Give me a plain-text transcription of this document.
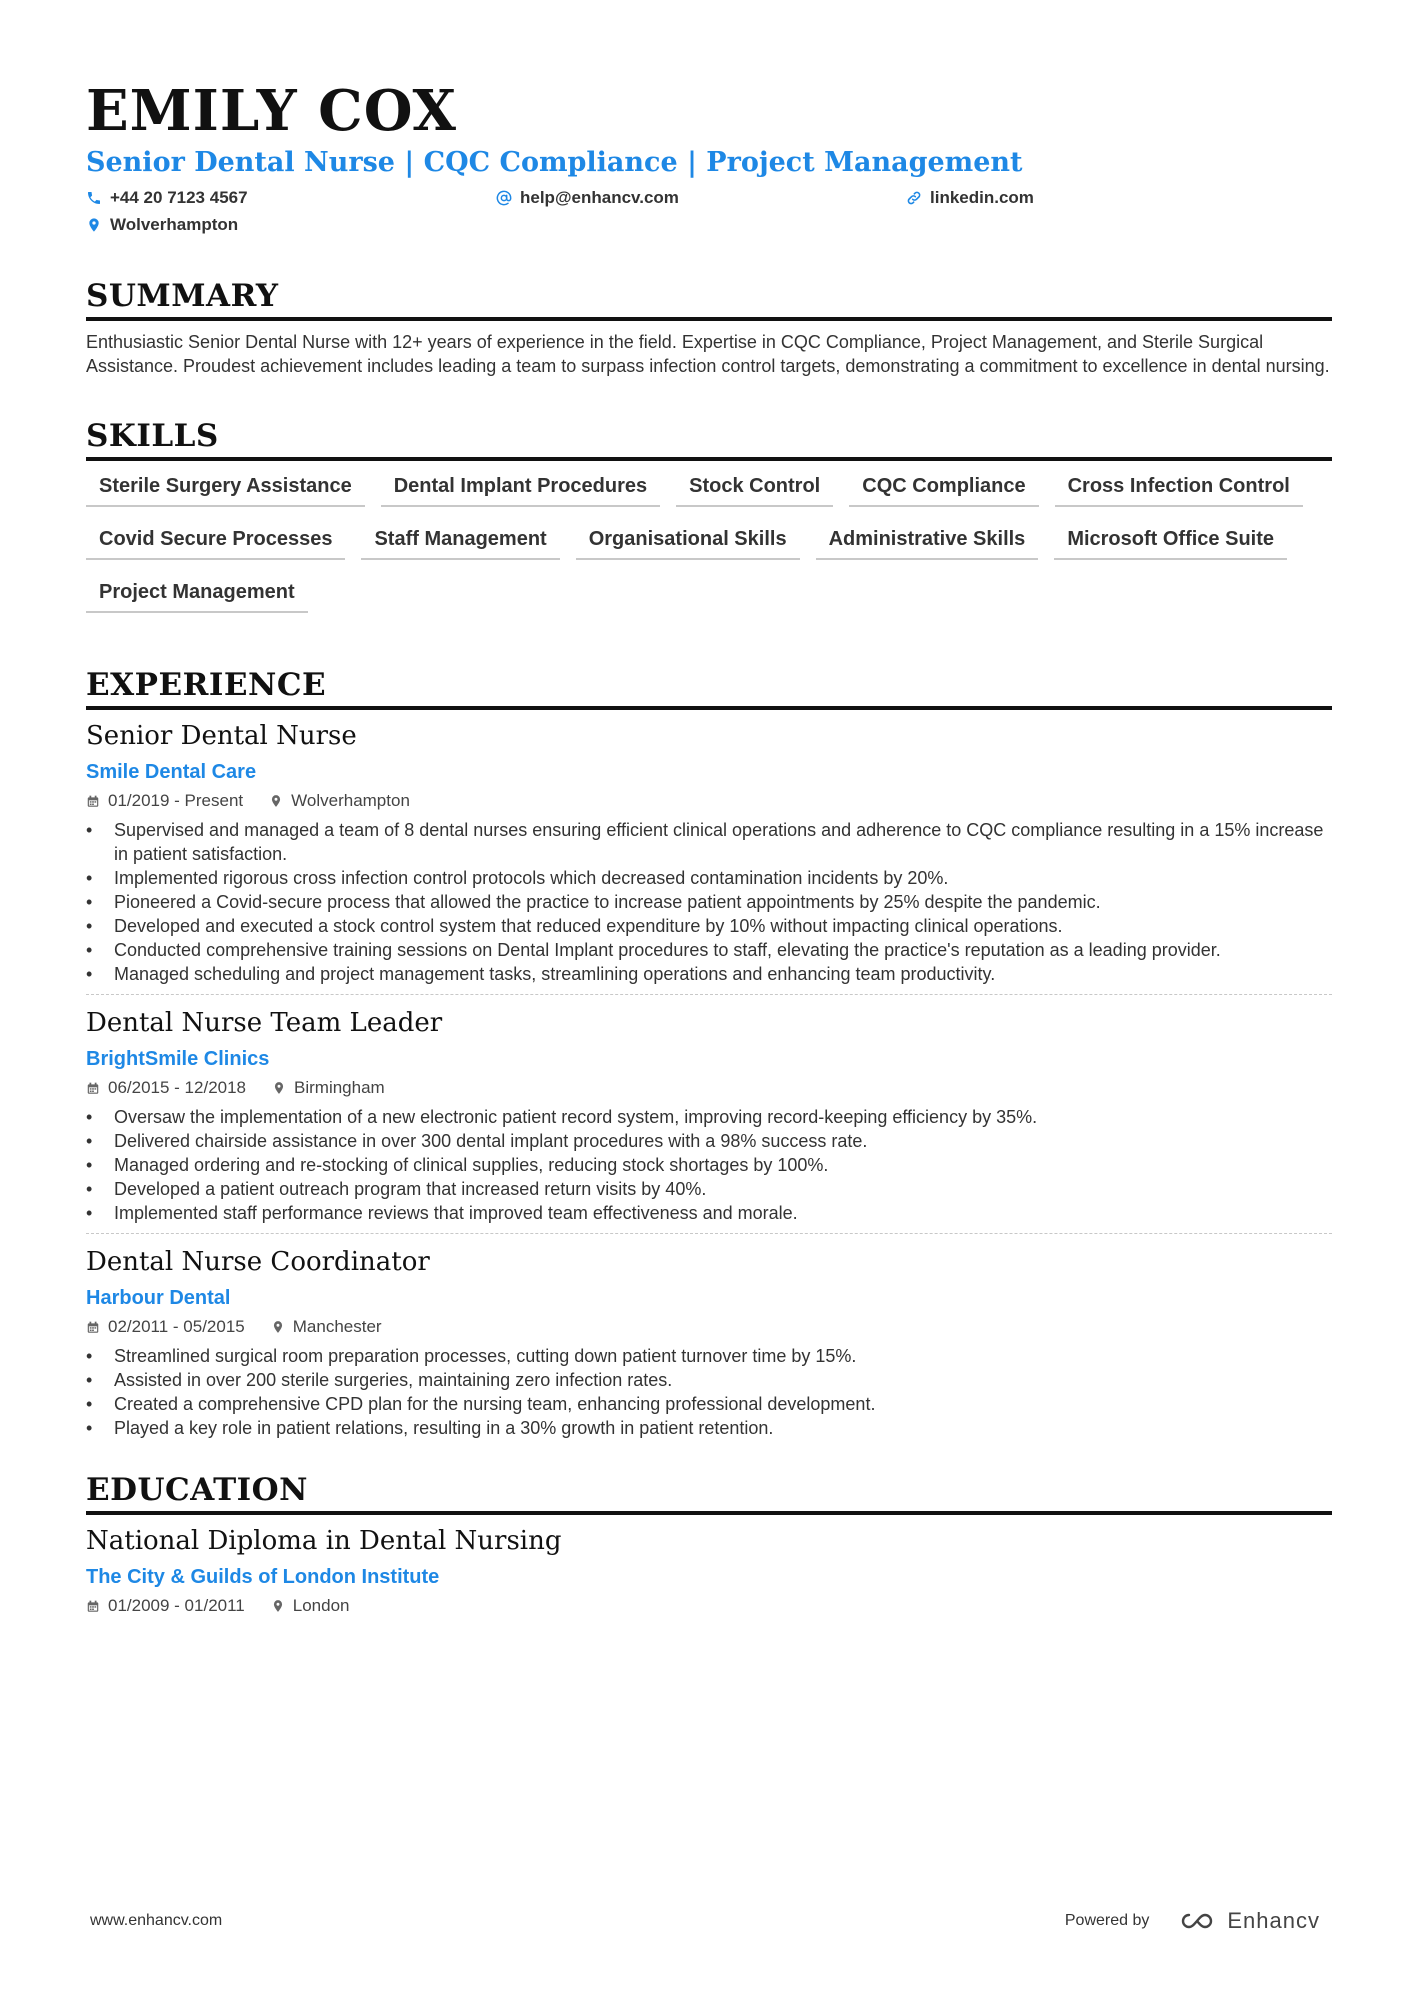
EMILY COX
Senior Dental Nurse | CQC Compliance | Project Management
+44 20 7123 4567	help@enhancv.com	linkedin.com
Wolverhampton
SUMMARY

Enthusiastic Senior Dental Nurse with 12+ years of experience in the field. Expertise in CQC Compliance, Project Management, and Sterile Surgical Assistance. Proudest achievement includes leading a team to surpass infection control targets, demonstrating a commitment to excellence in dental nursing.

SKILLS
Sterile Surgery Assistance	Dental Implant Procedures	Stock Control	CQC Compliance	Cross Infection Control
Covid Secure Processes	Staff Management	Organisational Skills	Administrative Skills	Microsoft Office Suite
Project Management
EXPERIENCE
Senior Dental Nurse
Smile Dental Care
01/2019 - Present	Wolverhampton
• Supervised and managed a team of 8 dental nurses ensuring efficient clinical operations and adherence to CQC compliance resulting in a 15% increase in patient satisfaction.
• Implemented rigorous cross infection control protocols which decreased contamination incidents by 20%.
• Pioneered a Covid-secure process that allowed the practice to increase patient appointments by 25% despite the pandemic.
• Developed and executed a stock control system that reduced expenditure by 10% without impacting clinical operations.
• Conducted comprehensive training sessions on Dental Implant procedures to staff, elevating the practice's reputation as a leading provider.
• Managed scheduling and project management tasks, streamlining operations and enhancing team productivity.
Dental Nurse Team Leader
BrightSmile Clinics
06/2015 - 12/2018	Birmingham
• Oversaw the implementation of a new electronic patient record system, improving record-keeping efficiency by 35%.
• Delivered chairside assistance in over 300 dental implant procedures with a 98% success rate.
• Managed ordering and re-stocking of clinical supplies, reducing stock shortages by 100%.
• Developed a patient outreach program that increased return visits by 40%.
• Implemented staff performance reviews that improved team effectiveness and morale.
Dental Nurse Coordinator
Harbour Dental
02/2011 - 05/2015	Manchester
• Streamlined surgical room preparation processes, cutting down patient turnover time by 15%.
• Assisted in over 200 sterile surgeries, maintaining zero infection rates.
• Created a comprehensive CPD plan for the nursing team, enhancing professional development.
• Played a key role in patient relations, resulting in a 30% growth in patient retention.
EDUCATION
National Diploma in Dental Nursing
The City & Guilds of London Institute
01/2009 - 01/2011	London
www.enhancv.com	Powered by	Enhancv
